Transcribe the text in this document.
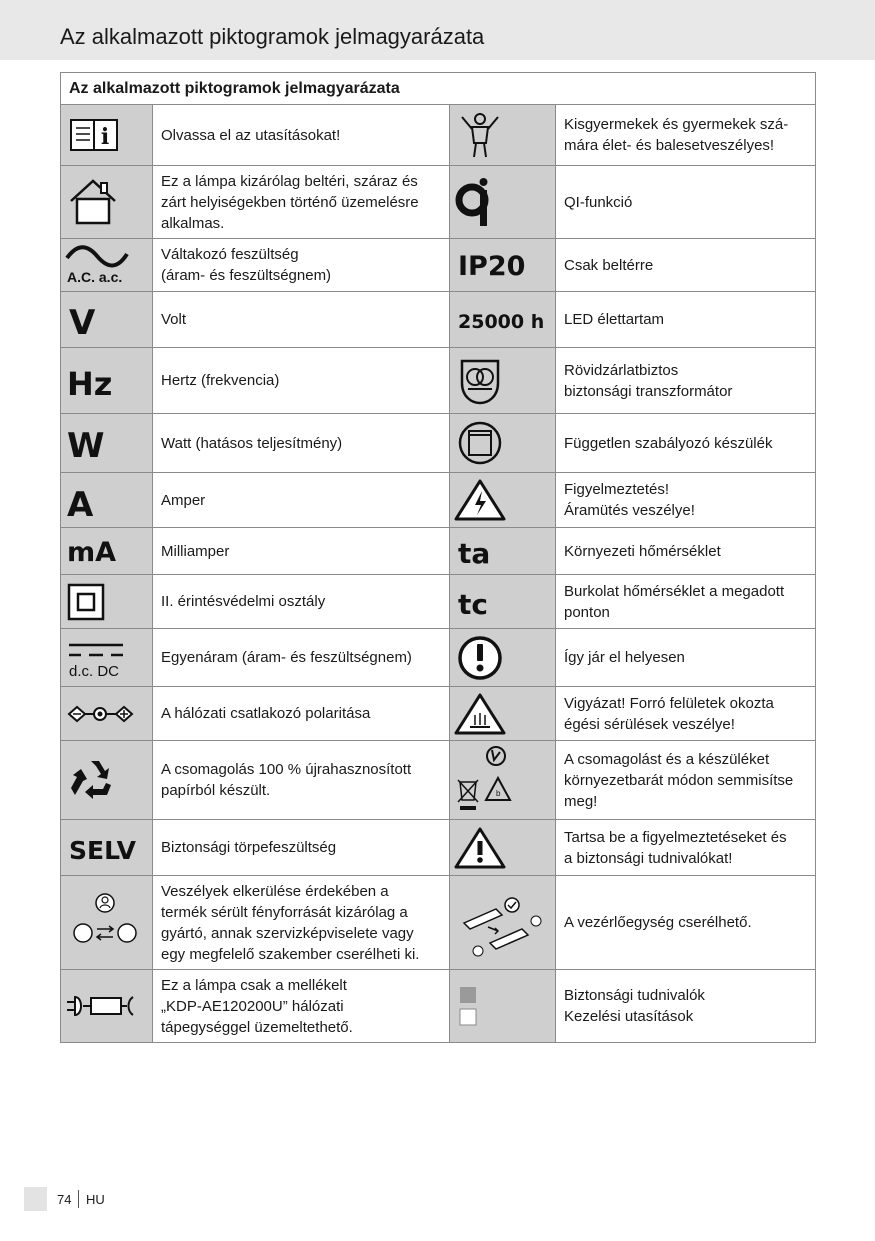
Az alkalmazott piktogramok jelmagyarázata
Az alkalmazott piktogramok jelmagyarázata			

i	Olvassa el az utasításokat!		Kisgyermekek és gyermekek szá-
mára élet- és balesetveszélyes!

	Ez a lámpa kizárólag beltéri, száraz és
zárt helyiségekben történő üzemelésre
alkalmas.		QI-funkció

A.C. a.c.	Váltakozó feszültség
(áram- és feszültségnem)	IP20	Csak beltérre

V	Volt	25000 h	LED élettartam

Hz	Hertz (frekvencia)		Rövidzárlatbiztos
biztonsági transzformátor

W	Watt (hatásos teljesítmény)		Független szabályozó készülék

A	Amper		Figyelmeztetés!
Áramütés veszélye!

mA	Milliamper	ta	Környezeti hőmérséklet

	II. érintésvédelmi osztály	tc	Burkolat hőmérséklet a megadott
ponton

d.c. DC	Egyenáram (áram- és feszültségnem)		Így jár el helyesen

	A hálózati csatlakozó polaritása		Vigyázat! Forró felületek okozta
égési sérülések veszélye!

	A csomagolás 100 % újrahasznosított
papírból készült.	b	A csomagolást és a készüléket
környezetbarát módon semmisítse
meg!

SELV	Biztonsági törpefeszültség		Tartsa be a figyelmeztetéseket és
a biztonsági tudnivalókat!

	Veszélyek elkerülése érdekében a
termék sérült fényforrását kizárólag a
gyártó, annak szervizképviselete vagy
egy megfelelő szakember cserélheti ki.		A vezérlőegység cserélhető.

	Ez a lámpa csak a mellékelt
„KDP-AE120200U” hálózati
tápegységgel üzemeltethető.		Biztonsági tudnivalók
Kezelési utasítások
74 HU
